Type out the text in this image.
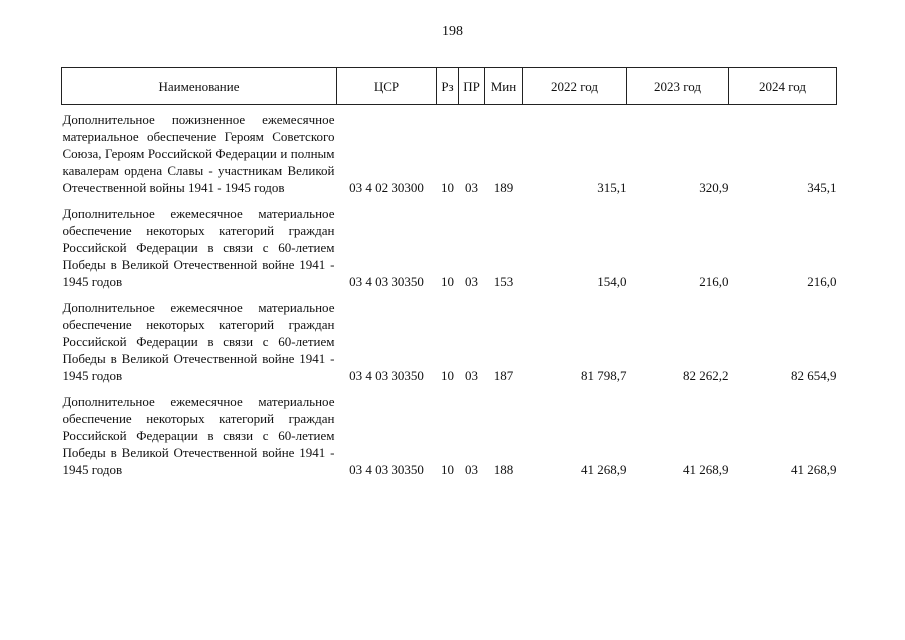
198
Наименование	ЦСР	Рз	ПР	Мин	2022 год	2023 год	2024 год
Дополнительное пожизненное ежемесячное материальное обеспечение Героям Советского Союза, Героям Российской Федерации и полным кавалерам ордена Славы - участникам Великой Отечественной войны 1941 - 1945 годов	03 4 02 30300	10	03	189	315,1	320,9	345,1
Дополнительное ежемесячное материальное обеспечение некоторых категорий граждан Российской Федерации в связи с 60-летием Победы в Великой Отечественной войне 1941 - 1945 годов	03 4 03 30350	10	03	153	154,0	216,0	216,0
Дополнительное ежемесячное материальное обеспечение некоторых категорий граждан Российской Федерации в связи с 60-летием Победы в Великой Отечественной войне 1941 - 1945 годов	03 4 03 30350	10	03	187	81 798,7	82 262,2	82 654,9
Дополнительное ежемесячное материальное обеспечение некоторых категорий граждан Российской Федерации в связи с 60-летием Победы в Великой Отечественной войне 1941 - 1945 годов	03 4 03 30350	10	03	188	41 268,9	41 268,9	41 268,9
